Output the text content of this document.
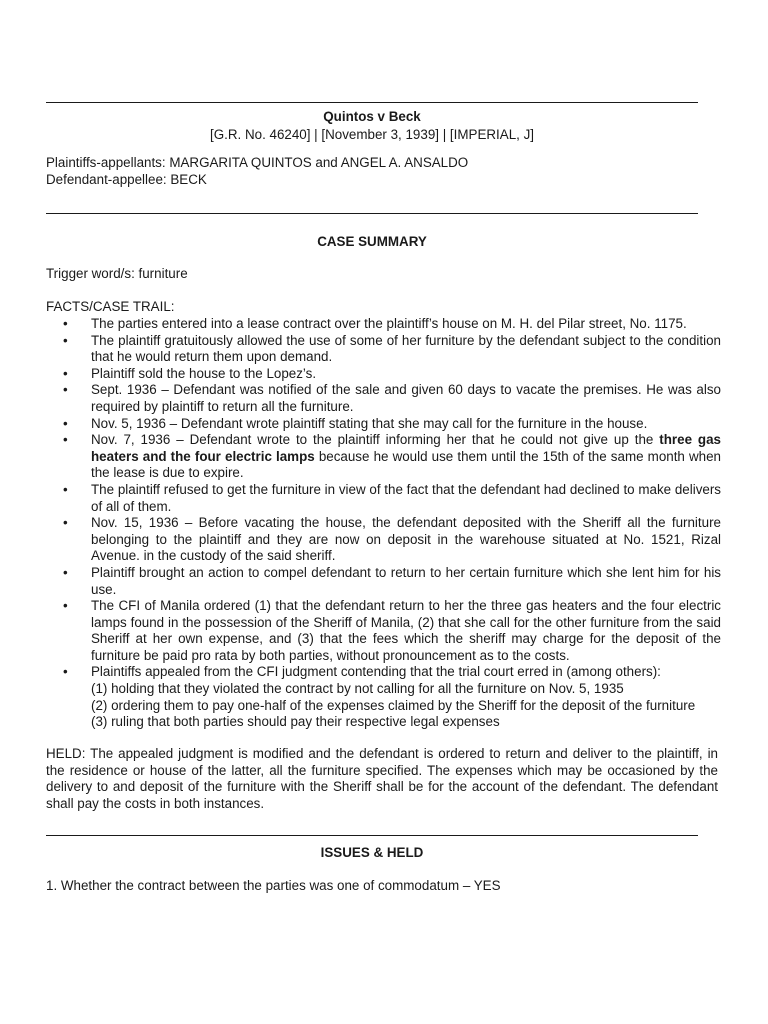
Quintos v Beck
[G.R. No. 46240] | [November 3, 1939] | [IMPERIAL, J]
Plaintiffs-appellants: MARGARITA QUINTOS and ANGEL A. ANSALDO
Defendant-appellee: BECK
CASE SUMMARY
Trigger word/s: furniture
FACTS/CASE TRAIL:
• The parties entered into a lease contract over the plaintiff’s house on M. H. del Pilar street, No. 1175.
• The plaintiff gratuitously allowed the use of some of her furniture by the defendant subject to the condition that he would return them upon demand.
• Plaintiff sold the house to the Lopez’s.
• Sept. 1936 – Defendant was notified of the sale and given 60 days to vacate the premises. He was also required by plaintiff to return all the furniture.
• Nov. 5, 1936 – Defendant wrote plaintiff stating that she may call for the furniture in the house.
• Nov. 7, 1936 – Defendant wrote to the plaintiff informing her that he could not give up the three gas heaters and the four electric lamps because he would use them until the 15th of the same month when the lease is due to expire.
• The plaintiff refused to get the furniture in view of the fact that the defendant had declined to make delivers of all of them.
• Nov. 15, 1936 – Before vacating the house, the defendant deposited with the Sheriff all the furniture belonging to the plaintiff and they are now on deposit in the warehouse situated at No. 1521, Rizal Avenue. in the custody of the said sheriff.
• Plaintiff brought an action to compel defendant to return to her certain furniture which she lent him for his use.
• The CFI of Manila ordered (1) that the defendant return to her the three gas heaters and the four electric lamps found in the possession of the Sheriff of Manila, (2) that she call for the other furniture from the said Sheriff at her own expense, and (3) that the fees which the sheriff may charge for the deposit of the furniture be paid pro rata by both parties, without pronouncement as to the costs.
• Plaintiffs appealed from the CFI judgment contending that the trial court erred in (among others):
(1) holding that they violated the contract by not calling for all the furniture on Nov. 5, 1935
(2) ordering them to pay one-half of the expenses claimed by the Sheriff for the deposit of the furniture
(3) ruling that both parties should pay their respective legal expenses
HELD: The appealed judgment is modified and the defendant is ordered to return and deliver to the plaintiff, in the residence or house of the latter, all the furniture specified. The expenses which may be occasioned by the delivery to and deposit of the furniture with the Sheriff shall be for the account of the defendant. The defendant shall pay the costs in both instances.
ISSUES & HELD
1. Whether the contract between the parties was one of commodatum – YES
